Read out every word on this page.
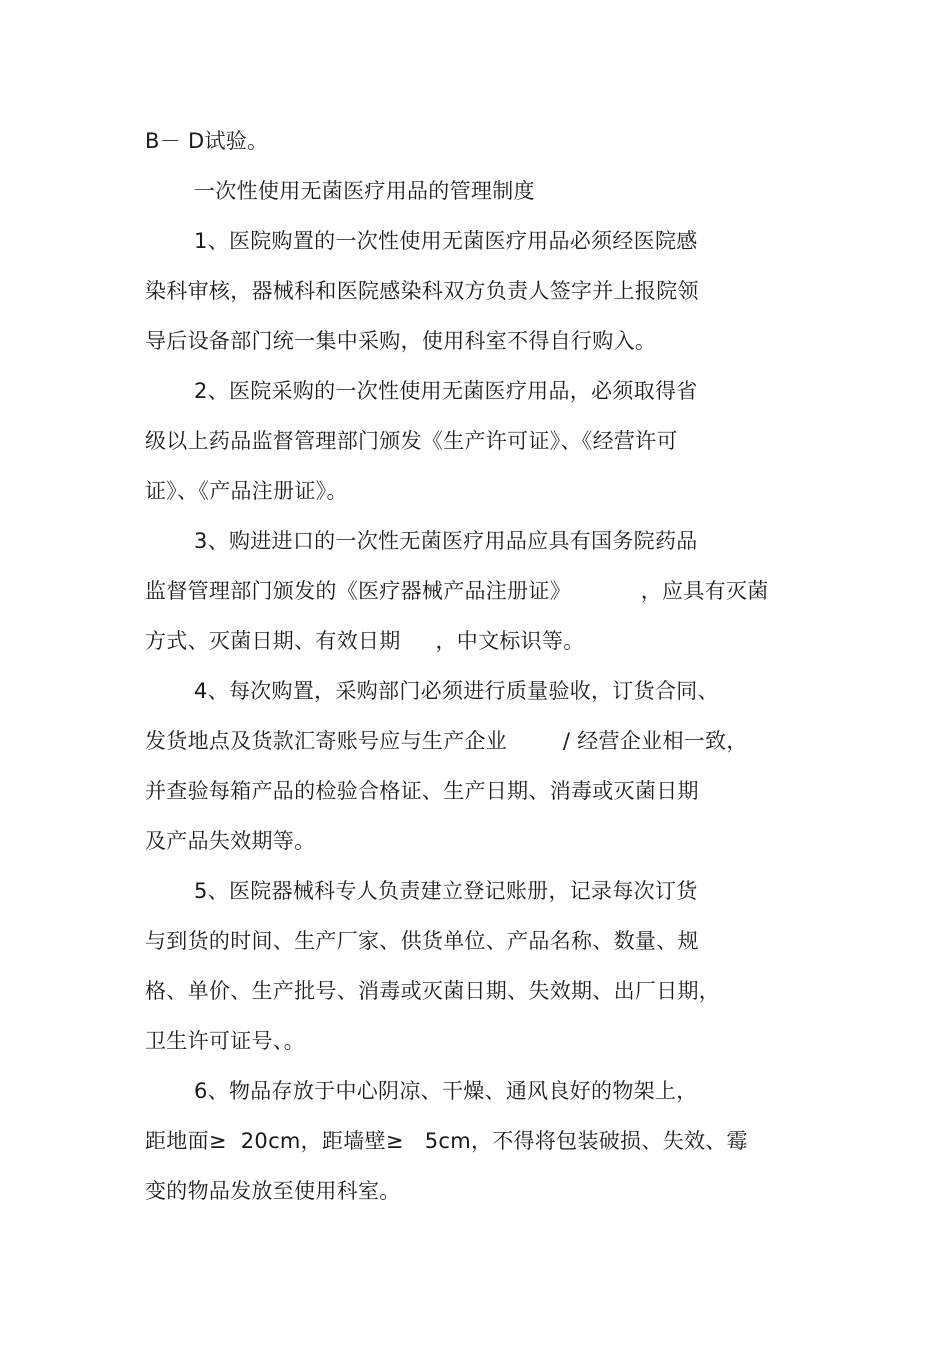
B－ D试验。
一次性使用无菌医疗用品的管理制度
1、医院购置的一次性使用无菌医疗用品必须经医院感
染科审核，器械科和医院感染科双方负责人签字并上报院领
导后设备部门统一集中采购，使用科室不得自行购入。
2、医院采购的一次性使用无菌医疗用品，必须取得省
级以上药品监督管理部门颁发《生产许可证》、《经营许可
证》、《产品注册证》。
3、购进进口的一次性无菌医疗用品应具有国务院药品
监督管理部门颁发的《医疗器械产品注册证》          ，应具有灭菌
方式、灭菌日期、有效日期     ，中文标识等。
4、每次购置，采购部门必须进行质量验收，订货合同、
发货地点及货款汇寄账号应与生产企业        / 经营企业相一致，
并查验每箱产品的检验合格证、生产日期、消毒或灭菌日期
及产品失效期等。
5、医院器械科专人负责建立登记账册，记录每次订货
与到货的时间、生产厂家、供货单位、产品名称、数量、规
格、单价、生产批号、消毒或灭菌日期、失效期、出厂日期，
卫生许可证号、。
6、物品存放于中心阴凉、干燥、通风良好的物架上，
距地面≥  20cm，距墙壁≥   5cm，不得将包装破损、失效、霉
变的物品发放至使用科室。
